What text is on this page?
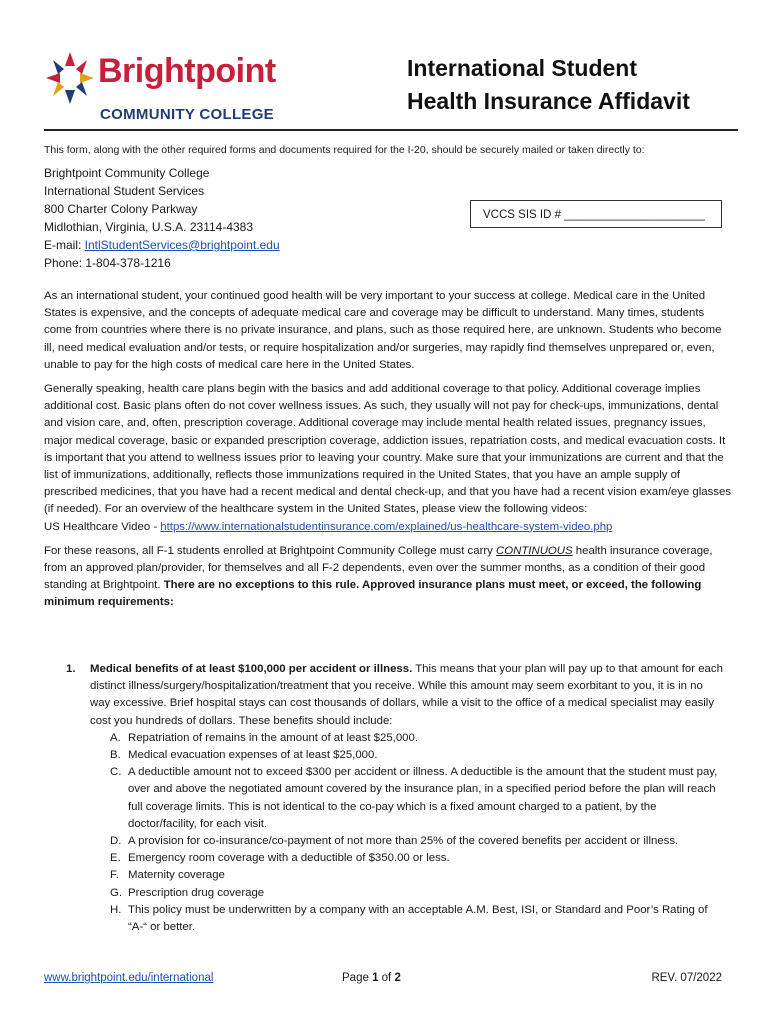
Brightpoint
COMMUNITY COLLEGE
International Student
Health Insurance Affidavit
This form, along with the other required forms and documents required for the I-20, should be securely mailed or taken directly to:
Brightpoint Community College
International Student Services
800 Charter Colony Parkway
Midlothian, Virginia, U.S.A. 23114-4383
E-mail: IntlStudentServices@brightpoint.edu
Phone: 1-804-378-1216
VCCS SIS ID # ______________________

As an international student, your continued good health will be very important to your success at college. Medical care in the United States is expensive, and the concepts of adequate medical care and coverage may be difficult to understand. Many times, students come from countries where there is no private insurance, and plans, such as those required here, are unknown. Students who become ill, need medical evaluation and/or tests, or require hospitalization and/or surgeries, may rapidly find themselves unprepared or, even, unable to pay for the high costs of medical care here in the United States.

Generally speaking, health care plans begin with the basics and add additional coverage to that policy. Additional coverage implies additional cost. Basic plans often do not cover wellness issues. As such, they usually will not pay for check-ups, immunizations, dental and vision care, and, often, prescription coverage. Additional coverage may include mental health related issues, pregnancy issues, major medical coverage, basic or expanded prescription coverage, addiction issues, repatriation costs, and medical evacuation costs. It is important that you attend to wellness issues prior to leaving your country. Make sure that your immunizations are current and that the list of immunizations, additionally, reflects those immunizations required in the United States, that you have an ample supply of prescribed medicines, that you have had a recent medical and dental check-up, and that you have had a recent vision exam/eye glasses (if needed). For an overview of the healthcare system in the United States, please view the following videos:
US Healthcare Video - https://www.internationalstudentinsurance.com/explained/us-healthcare-system-video.php

For these reasons, all F-1 students enrolled at Brightpoint Community College must carry CONTINUOUS health insurance coverage, from an approved plan/provider, for themselves and all F-2 dependents, even over the summer months, as a condition of their good standing at Brightpoint. There are no exceptions to this rule. Approved insurance plans must meet, or exceed, the following minimum requirements:

1. Medical benefits of at least $100,000 per accident or illness. This means that your plan will pay up to that amount for each distinct illness/surgery/hospitalization/treatment that you receive. While this amount may seem exorbitant to you, it is in no way excessive. Brief hospital stays can cost thousands of dollars, while a visit to the office of a medical specialist may easily cost you hundreds of dollars. These benefits should include:
A. Repatriation of remains in the amount of at least $25,000.
B. Medical evacuation expenses of at least $25,000.
C. A deductible amount not to exceed $300 per accident or illness. A deductible is the amount that the student must pay, over and above the negotiated amount covered by the insurance plan, in a specified period before the plan will reach full coverage limits. This is not identical to the co-pay which is a fixed amount charged to a patient, by the doctor/facility, for each visit.
D. A provision for co-insurance/co-payment of not more than 25% of the covered benefits per accident or illness.
E. Emergency room coverage with a deductible of $350.00 or less.
F. Maternity coverage
G. Prescription drug coverage
H. This policy must be underwritten by a company with an acceptable A.M. Best, ISI, or Standard and Poor’s Rating of “A-“ or better.
www.brightpoint.edu/international	Page 1 of 2	REV. 07/2022
